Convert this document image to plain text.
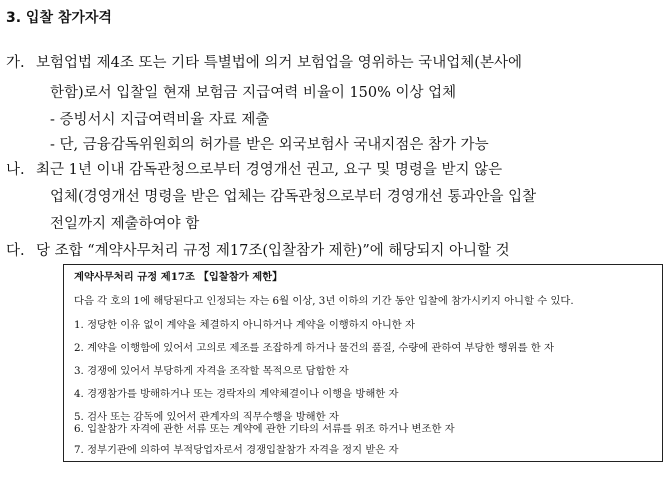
3. 입찰 참가자격
가. 보험업법 제4조 또는 기타 특별법에 의거 보험업을 영위하는 국내업체(본사에
한함)로서 입찰일 현재 보험금 지급여력 비율이 150% 이상 업체
- 증빙서시 지급여력비율 자료 제출
- 단, 금융감독위원회의 허가를 받은 외국보험사 국내지점은 참가 가능
나. 최근 1년 이내 감독관청으로부터 경영개선 권고, 요구 및 명령을 받지 않은
업체(경영개선 명령을 받은 업체는 감독관청으로부터 경영개선 통과안을 입찰
전일까지 제출하여야 함
다. 당 조합 “계약사무처리 규정 제17조(입찰참가 제한)”에 해당되지 아니할 것
계약사무처리 규정 제17조 【입찰참가 제한】
다음 각 호의 1에 해당된다고 인정되는 자는 6월 이상, 3년 이하의 기간 동안 입찰에 참가시키지 아니할 수 있다.
1. 정당한 이유 없이 계약을 체결하지 아니하거나 계약을 이행하지 아니한 자
2. 계약을 이행함에 있어서 고의로 제조를 조잡하게 하거나 물건의 품질, 수량에 관하여 부당한 행위를 한 자
3. 경쟁에 있어서 부당하게 자격을 조작할 목적으로 담합한 자
4. 경쟁참가를 방해하거나 또는 경락자의 계약체결이나 이행을 방해한 자
5. 검사 또는 감독에 있어서 관계자의 직무수행을 방해한 자
6. 입찰참가 자격에 관한 서류 또는 계약에 관한 기타의 서류를 위조 하거나 변조한 자
7. 정부기관에 의하여 부적당업자로서 경쟁입찰참가 자격을 정지 받은 자
